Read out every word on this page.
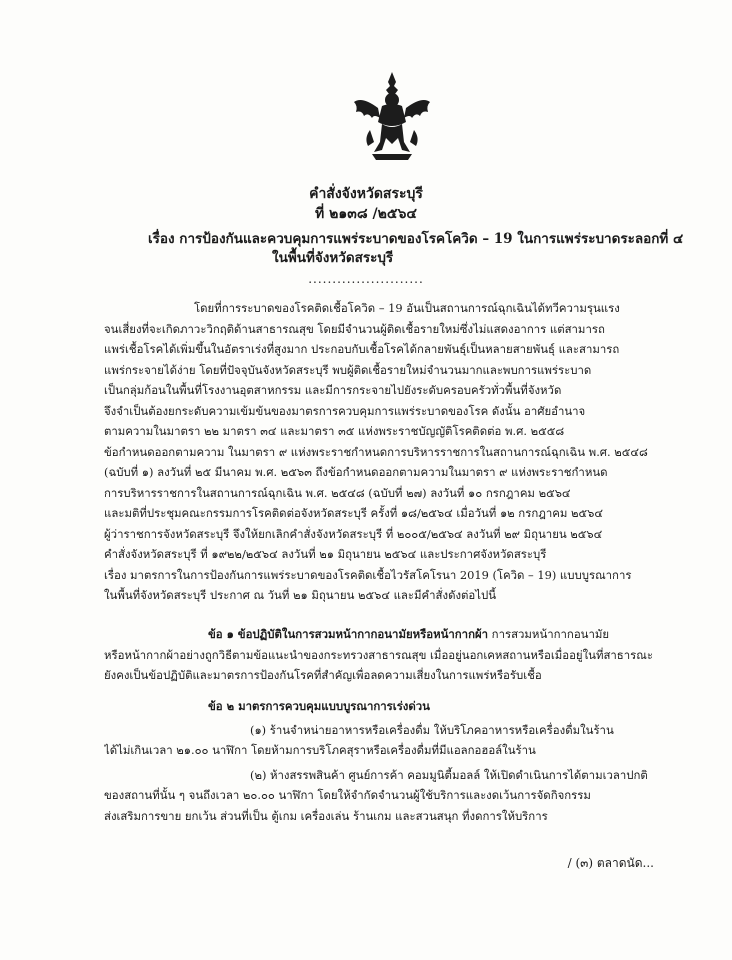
คำสั่งจังหวัดสระบุรี
ที่ ๒๑๓๘ /๒๕๖๔
เรื่อง การป้องกันและควบคุมการแพร่ระบาดของโรคโควิด – 19 ในการแพร่ระบาดระลอกที่ ๔
ในพื้นที่จังหวัดสระบุรี
........................
โดยที่การระบาดของโรคติดเชื้อโควิด – 19 อันเป็นสถานการณ์ฉุกเฉินได้ทวีความรุนแรง
จนเสี่ยงที่จะเกิดภาวะวิกฤติด้านสาธารณสุข โดยมีจำนวนผู้ติดเชื้อรายใหม่ซึ่งไม่แสดงอาการ แต่สามารถ
แพร่เชื้อโรคได้เพิ่มขึ้นในอัตราเร่งที่สูงมาก ประกอบกับเชื้อโรคได้กลายพันธุ์เป็นหลายสายพันธุ์ และสามารถ
แพร่กระจายได้ง่าย โดยที่ปัจจุบันจังหวัดสระบุรี พบผู้ติดเชื้อรายใหม่จำนวนมากและพบการแพร่ระบาด
เป็นกลุ่มก้อนในพื้นที่โรงงานอุตสาหกรรม และมีการกระจายไปยังระดับครอบครัวทั่วพื้นที่จังหวัด
จึงจำเป็นต้องยกระดับความเข้มข้นของมาตรการควบคุมการแพร่ระบาดของโรค ดังนั้น อาศัยอำนาจ
ตามความในมาตรา ๒๒ มาตรา ๓๔ และมาตรา ๓๕ แห่งพระราชบัญญัติโรคติดต่อ พ.ศ. ๒๕๕๘
ข้อกำหนดออกตามความ ในมาตรา ๙ แห่งพระราชกำหนดการบริหารราชการในสถานการณ์ฉุกเฉิน พ.ศ. ๒๕๔๘
(ฉบับที่ ๑) ลงวันที่ ๒๕ มีนาคม พ.ศ. ๒๕๖๓ ถึงข้อกำหนดออกตามความในมาตรา ๙ แห่งพระราชกำหนด
การบริหารราชการในสถานการณ์ฉุกเฉิน พ.ศ. ๒๕๔๘ (ฉบับที่ ๒๗) ลงวันที่ ๑๐ กรกฎาคม ๒๕๖๔
และมติที่ประชุมคณะกรรมการโรคติดต่อจังหวัดสระบุรี ครั้งที่ ๑๘/๒๕๖๔ เมื่อวันที่ ๑๒ กรกฎาคม ๒๕๖๔
ผู้ว่าราชการจังหวัดสระบุรี จึงให้ยกเลิกคำสั่งจังหวัดสระบุรี ที่ ๒๐๐๕/๒๕๖๔ ลงวันที่ ๒๙ มิถุนายน ๒๕๖๔
คำสั่งจังหวัดสระบุรี ที่ ๑๙๒๒/๒๕๖๔ ลงวันที่ ๒๑ มิถุนายน ๒๕๖๔ และประกาศจังหวัดสระบุรี
เรื่อง มาตรการในการป้องกันการแพร่ระบาดของโรคติดเชื้อไวรัสโคโรนา 2019 (โควิด – 19) แบบบูรณาการ
ในพื้นที่จังหวัดสระบุรี ประกาศ ณ วันที่ ๒๑ มิถุนายน ๒๕๖๔ และมีคำสั่งดังต่อไปนี้
ข้อ ๑ ข้อปฏิบัติในการสวมหน้ากากอนามัยหรือหน้ากากผ้า การสวมหน้ากากอนามัย
หรือหน้ากากผ้าอย่างถูกวิธีตามข้อแนะนำของกระทรวงสาธารณสุข เมื่ออยู่นอกเคหสถานหรือเมื่ออยู่ในที่สาธารณะ
ยังคงเป็นข้อปฏิบัติและมาตรการป้องกันโรคที่สำคัญเพื่อลดความเสี่ยงในการแพร่หรือรับเชื้อ
ข้อ ๒ มาตรการควบคุมแบบบูรณาการเร่งด่วน
(๑) ร้านจำหน่ายอาหารหรือเครื่องดื่ม ให้บริโภคอาหารหรือเครื่องดื่มในร้าน
ได้ไม่เกินเวลา ๒๑.๐๐ นาฬิกา โดยห้ามการบริโภคสุราหรือเครื่องดื่มที่มีแอลกอฮอล์ในร้าน
(๒) ห้างสรรพสินค้า ศูนย์การค้า คอมมูนิตี้มอลล์ ให้เปิดดำเนินการได้ตามเวลาปกติ
ของสถานที่นั้น ๆ จนถึงเวลา ๒๐.๐๐ นาฬิกา โดยให้จำกัดจำนวนผู้ใช้บริการและงดเว้นการจัดกิจกรรม
ส่งเสริมการขาย ยกเว้น ส่วนที่เป็น ตู้เกม เครื่องเล่น ร้านเกม และสวนสนุก ที่งดการให้บริการ
/ (๓) ตลาดนัด...
